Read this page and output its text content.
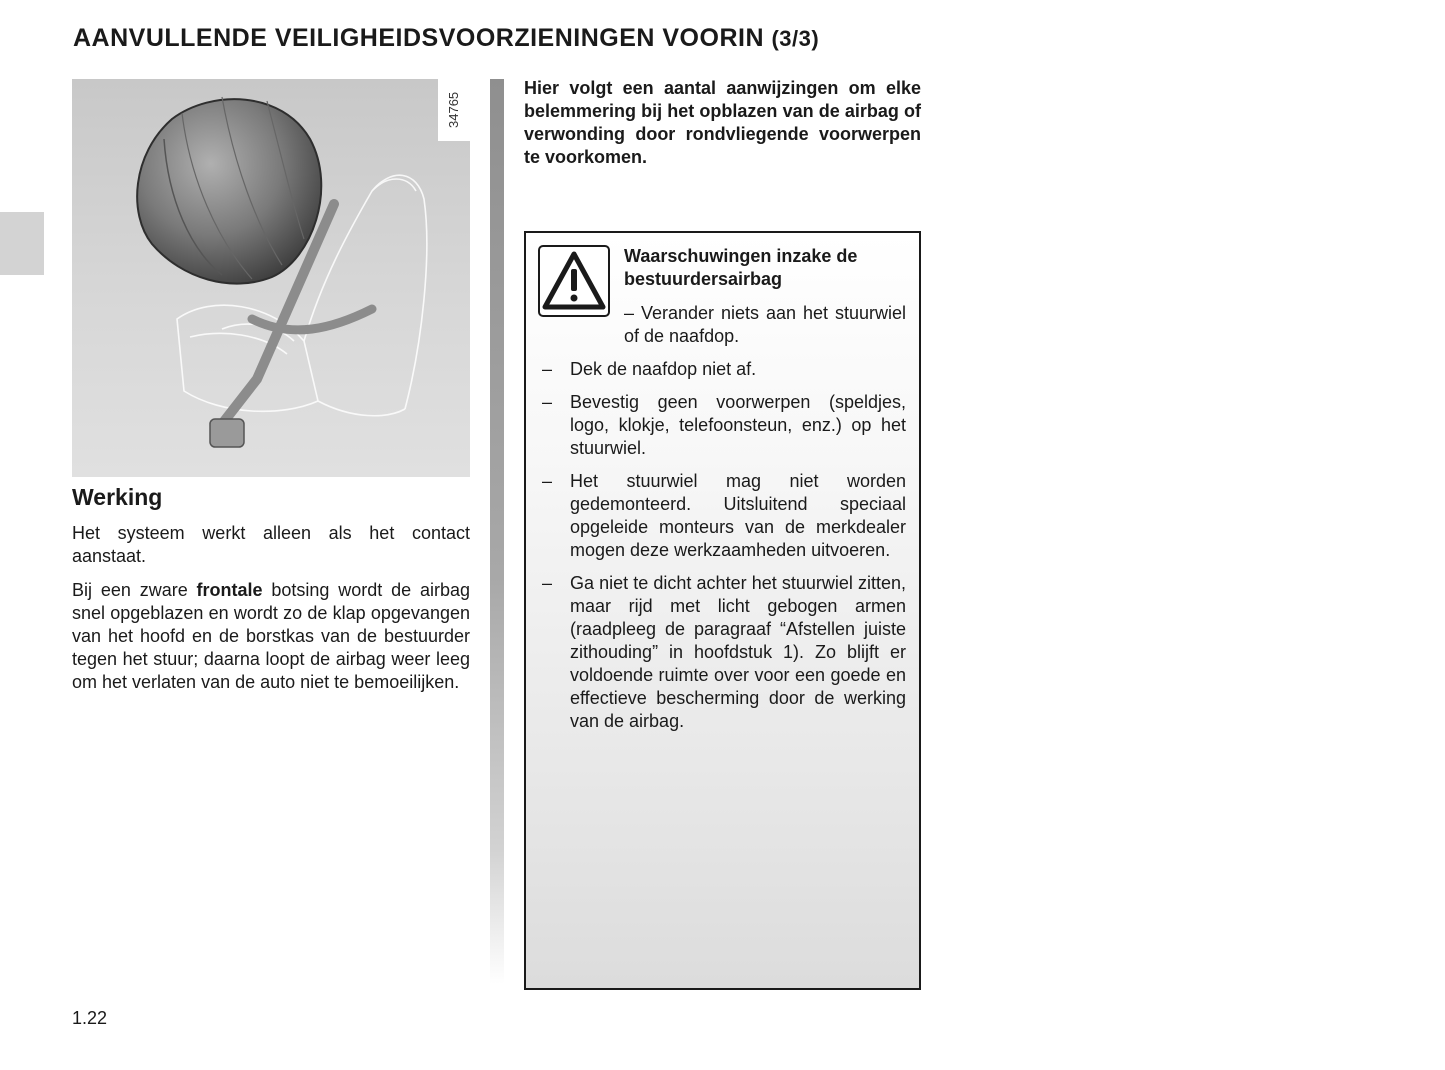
AANVULLENDE VEILIGHEIDSVOORZIENINGEN VOORIN (3/3)
34765
Werking

Het systeem werkt alleen als het contact aanstaat.

Bij een zware frontale botsing wordt de airbag snel opgeblazen en wordt zo de klap opgevangen van het hoofd en de borstkas van de bestuurder tegen het stuur; daarna loopt de airbag weer leeg om het verlaten van de auto niet te bemoeilijken.

Hier volgt een aantal aanwijzingen om elke belemmering bij het opblazen van de airbag of verwonding door rondvliegende voorwerpen te voorkomen.

Waarschuwingen inzake de bestuurdersairbag

– Verander niets aan het stuurwiel of de naafdop.

– Dek de naafdop niet af.
– Bevestig geen voorwerpen (speldjes, logo, klokje, telefoonsteun, enz.) op het stuurwiel.
– Het stuurwiel mag niet worden gedemonteerd. Uitsluitend speciaal opgeleide monteurs van de merkdealer mogen deze werkzaamheden uitvoeren.
– Ga niet te dicht achter het stuurwiel zitten, maar rijd met licht gebogen armen (raadpleeg de paragraaf “Afstellen juiste zithouding” in hoofdstuk 1). Zo blijft er voldoende ruimte over voor een goede en effectieve bescherming door de werking van de airbag.

1.22
